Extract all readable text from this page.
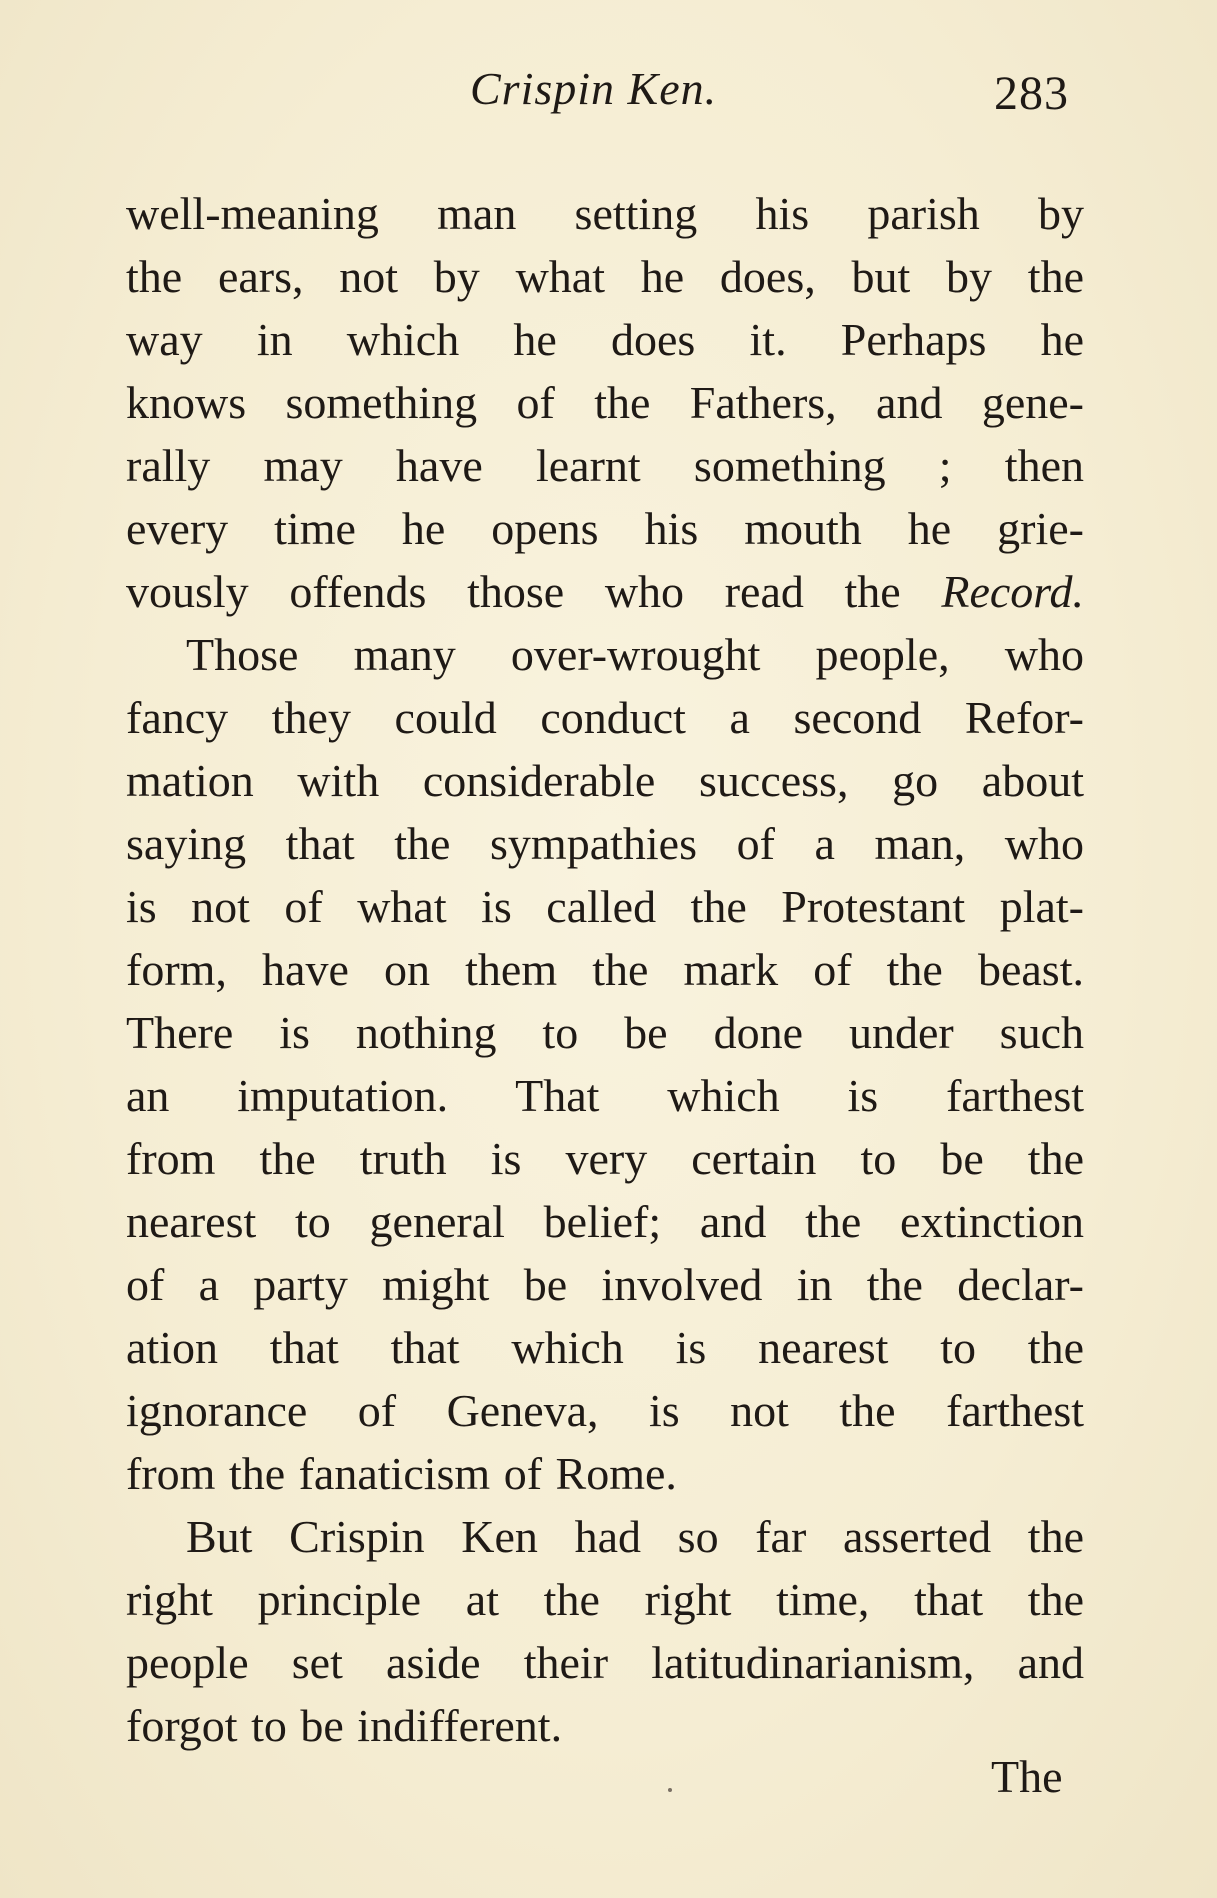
Crispin Ken.	283
well-meaning man setting his parish by
the ears, not by what he does, but by the
way in which he does it. Perhaps he
knows something of the Fathers, and gene-
rally may have learnt something ; then
every time he opens his mouth he grie-
vously offends those who read the Record.
Those many over-wrought people, who
fancy they could conduct a second Refor-
mation with considerable success, go about
saying that the sympathies of a man, who
is not of what is called the Protestant plat-
form, have on them the mark of the beast.
There is nothing to be done under such
an imputation. That which is farthest
from the truth is very certain to be the
nearest to general belief; and the extinction
of a party might be involved in the declar-
ation that that which is nearest to the
ignorance of Geneva, is not the farthest
from the fanaticism of Rome.
But Crispin Ken had so far asserted the
right principle at the right time, that the
people set aside their latitudinarianism, and
forgot to be indifferent.
The
